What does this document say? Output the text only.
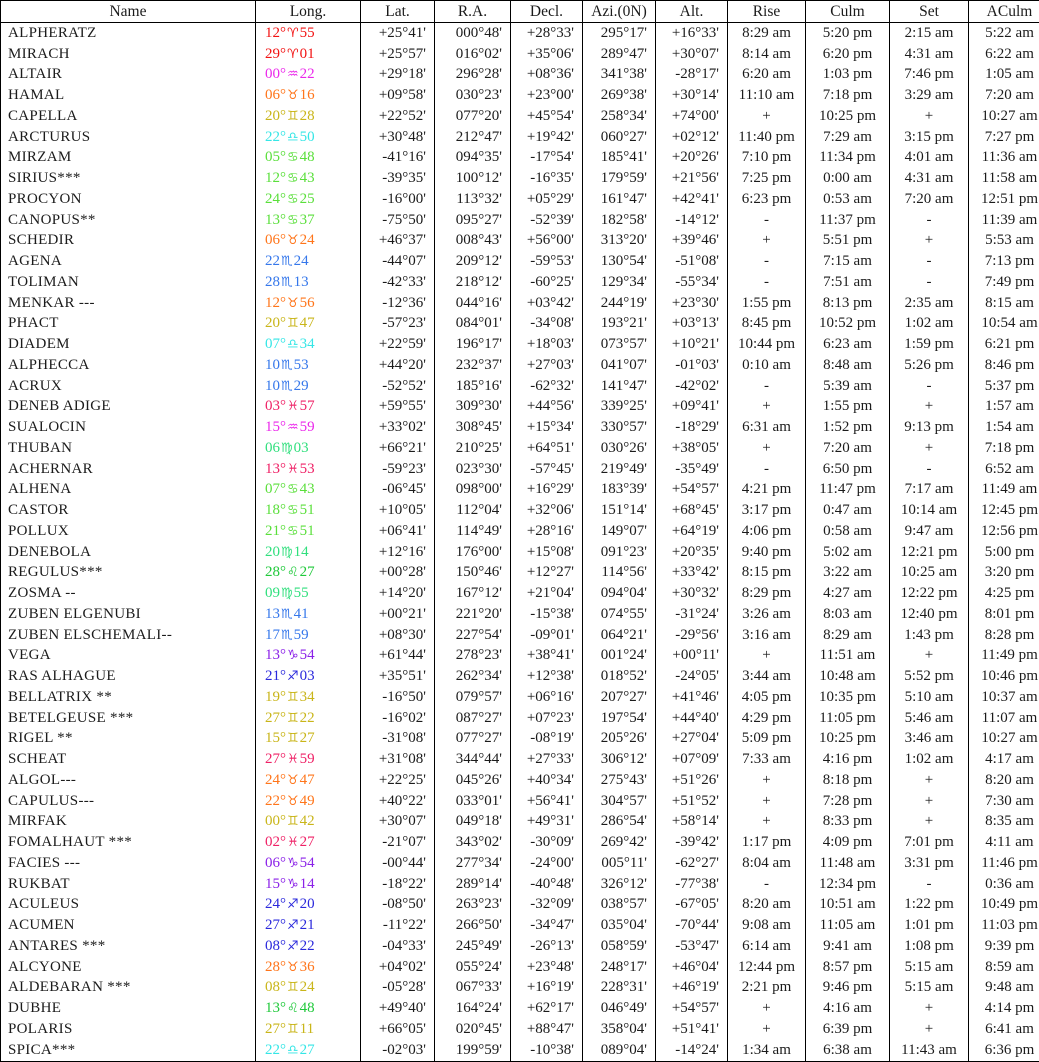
Name	Long.	Lat.	R.A.	Decl.	Azi.(0N)	Alt.	Rise	Culm	Set	ACulm
ALPHERATZ	12°♈55	+25°41'	000°48'	+28°33'	295°17'	+16°33'	8:29 am	5:20 pm	2:15 am	5:22 am
MIRACH	29°♈01	+25°57'	016°02'	+35°06'	289°47'	+30°07'	8:14 am	6:20 pm	4:31 am	6:22 am
ALTAIR	00°♒22	+29°18'	296°28'	+08°36'	341°38'	-28°17'	6:20 am	1:03 pm	7:46 pm	1:05 am
HAMAL	06°♉16	+09°58'	030°23'	+23°00'	269°38'	+30°14'	11:10 am	7:18 pm	3:29 am	7:20 am
CAPELLA	20°♊28	+22°52'	077°20'	+45°54'	258°34'	+74°00'	+	10:25 pm	+	10:27 am
ARCTURUS	22°♎50	+30°48'	212°47'	+19°42'	060°27'	+02°12'	11:40 pm	7:29 am	3:15 pm	7:27 pm
MIRZAM	05°♋48	-41°16'	094°35'	-17°54'	185°41'	+20°26'	7:10 pm	11:34 pm	4:01 am	11:36 am
SIRIUS***	12°♋43	-39°35'	100°12'	-16°35'	179°59'	+21°56'	7:25 pm	0:00 am	4:31 am	11:58 am
PROCYON	24°♋25	-16°00'	113°32'	+05°29'	161°47'	+42°41'	6:23 pm	0:53 am	7:20 am	12:51 pm
CANOPUS**	13°♋37	-75°50'	095°27'	-52°39'	182°58'	-14°12'	-	11:37 pm	-	11:39 am
SCHEDIR	06°♉24	+46°37'	008°43'	+56°00'	313°20'	+39°46'	+	5:51 pm	+	5:53 am
AGENA	22♏24	-44°07'	209°12'	-59°53'	130°54'	-51°08'	-	7:15 am	-	7:13 pm
TOLIMAN	28♏13	-42°33'	218°12'	-60°25'	129°34'	-55°34'	-	7:51 am	-	7:49 pm
MENKAR ---	12°♉56	-12°36'	044°16'	+03°42'	244°19'	+23°30'	1:55 pm	8:13 pm	2:35 am	8:15 am
PHACT	20°♊47	-57°23'	084°01'	-34°08'	193°21'	+03°13'	8:45 pm	10:52 pm	1:02 am	10:54 am
DIADEM	07°♎34	+22°59'	196°17'	+18°03'	073°57'	+10°21'	10:44 pm	6:23 am	1:59 pm	6:21 pm
ALPHECCA	10♏53	+44°20'	232°37'	+27°03'	041°07'	-01°03'	0:10 am	8:48 am	5:26 pm	8:46 pm
ACRUX	10♏29	-52°52'	185°16'	-62°32'	141°47'	-42°02'	-	5:39 am	-	5:37 pm
DENEB ADIGE	03°♓57	+59°55'	309°30'	+44°56'	339°25'	+09°41'	+	1:55 pm	+	1:57 am
SUALOCIN	15°♒59	+33°02'	308°45'	+15°34'	330°57'	-18°29'	6:31 am	1:52 pm	9:13 pm	1:54 am
THUBAN	06♍03	+66°21'	210°25'	+64°51'	030°26'	+38°05'	+	7:20 am	+	7:18 pm
ACHERNAR	13°♓53	-59°23'	023°30'	-57°45'	219°49'	-35°49'	-	6:50 pm	-	6:52 am
ALHENA	07°♋43	-06°45'	098°00'	+16°29'	183°39'	+54°57'	4:21 pm	11:47 pm	7:17 am	11:49 am
CASTOR	18°♋51	+10°05'	112°04'	+32°06'	151°14'	+68°45'	3:17 pm	0:47 am	10:14 am	12:45 pm
POLLUX	21°♋51	+06°41'	114°49'	+28°16'	149°07'	+64°19'	4:06 pm	0:58 am	9:47 am	12:56 pm
DENEBOLA	20♍14	+12°16'	176°00'	+15°08'	091°23'	+20°35'	9:40 pm	5:02 am	12:21 pm	5:00 pm
REGULUS***	28°♌27	+00°28'	150°46'	+12°27'	114°56'	+33°42'	8:15 pm	3:22 am	10:25 am	3:20 pm
ZOSMA --	09♍55	+14°20'	167°12'	+21°04'	094°04'	+30°32'	8:29 pm	4:27 am	12:22 pm	4:25 pm
ZUBEN ELGENUBI	13♏41	+00°21'	221°20'	-15°38'	074°55'	-31°24'	3:26 am	8:03 am	12:40 pm	8:01 pm
ZUBEN ELSCHEMALI--	17♏59	+08°30'	227°54'	-09°01'	064°21'	-29°56'	3:16 am	8:29 am	1:43 pm	8:28 pm
VEGA	13°♑54	+61°44'	278°23'	+38°41'	001°24'	+00°11'	+	11:51 am	+	11:49 pm
RAS ALHAGUE	21°♐03	+35°51'	262°34'	+12°38'	018°52'	-24°05'	3:44 am	10:48 am	5:52 pm	10:46 pm
BELLATRIX **	19°♊34	-16°50'	079°57'	+06°16'	207°27'	+41°46'	4:05 pm	10:35 pm	5:10 am	10:37 am
BETELGEUSE ***	27°♊22	-16°02'	087°27'	+07°23'	197°54'	+44°40'	4:29 pm	11:05 pm	5:46 am	11:07 am
RIGEL **	15°♊27	-31°08'	077°27'	-08°19'	205°26'	+27°04'	5:09 pm	10:25 pm	3:46 am	10:27 am
SCHEAT	27°♓59	+31°08'	344°44'	+27°33'	306°12'	+07°09'	7:33 am	4:16 pm	1:02 am	4:17 am
ALGOL---	24°♉47	+22°25'	045°26'	+40°34'	275°43'	+51°26'	+	8:18 pm	+	8:20 am
CAPULUS---	22°♉49	+40°22'	033°01'	+56°41'	304°57'	+51°52'	+	7:28 pm	+	7:30 am
MIRFAK	00°♊42	+30°07'	049°18'	+49°31'	286°54'	+58°14'	+	8:33 pm	+	8:35 am
FOMALHAUT ***	02°♓27	-21°07'	343°02'	-30°09'	269°42'	-39°42'	1:17 pm	4:09 pm	7:01 pm	4:11 am
FACIES ---	06°♑54	-00°44'	277°34'	-24°00'	005°11'	-62°27'	8:04 am	11:48 am	3:31 pm	11:46 pm
RUKBAT	15°♑14	-18°22'	289°14'	-40°48'	326°12'	-77°38'	-	12:34 pm	-	0:36 am
ACULEUS	24°♐20	-08°50'	263°23'	-32°09'	038°57'	-67°05'	8:20 am	10:51 am	1:22 pm	10:49 pm
ACUMEN	27°♐21	-11°22'	266°50'	-34°47'	035°04'	-70°44'	9:08 am	11:05 am	1:01 pm	11:03 pm
ANTARES ***	08°♐22	-04°33'	245°49'	-26°13'	058°59'	-53°47'	6:14 am	9:41 am	1:08 pm	9:39 pm
ALCYONE	28°♉36	+04°02'	055°24'	+23°48'	248°17'	+46°04'	12:44 pm	8:57 pm	5:15 am	8:59 am
ALDEBARAN ***	08°♊24	-05°28'	067°33'	+16°19'	228°31'	+46°19'	2:21 pm	9:46 pm	5:15 am	9:48 am
DUBHE	13°♌48	+49°40'	164°24'	+62°17'	046°49'	+54°57'	+	4:16 am	+	4:14 pm
POLARIS	27°♊11	+66°05'	020°45'	+88°47'	358°04'	+51°41'	+	6:39 pm	+	6:41 am
SPICA***	22°♎27	-02°03'	199°59'	-10°38'	089°04'	-14°24'	1:34 am	6:38 am	11:43 am	6:36 pm
